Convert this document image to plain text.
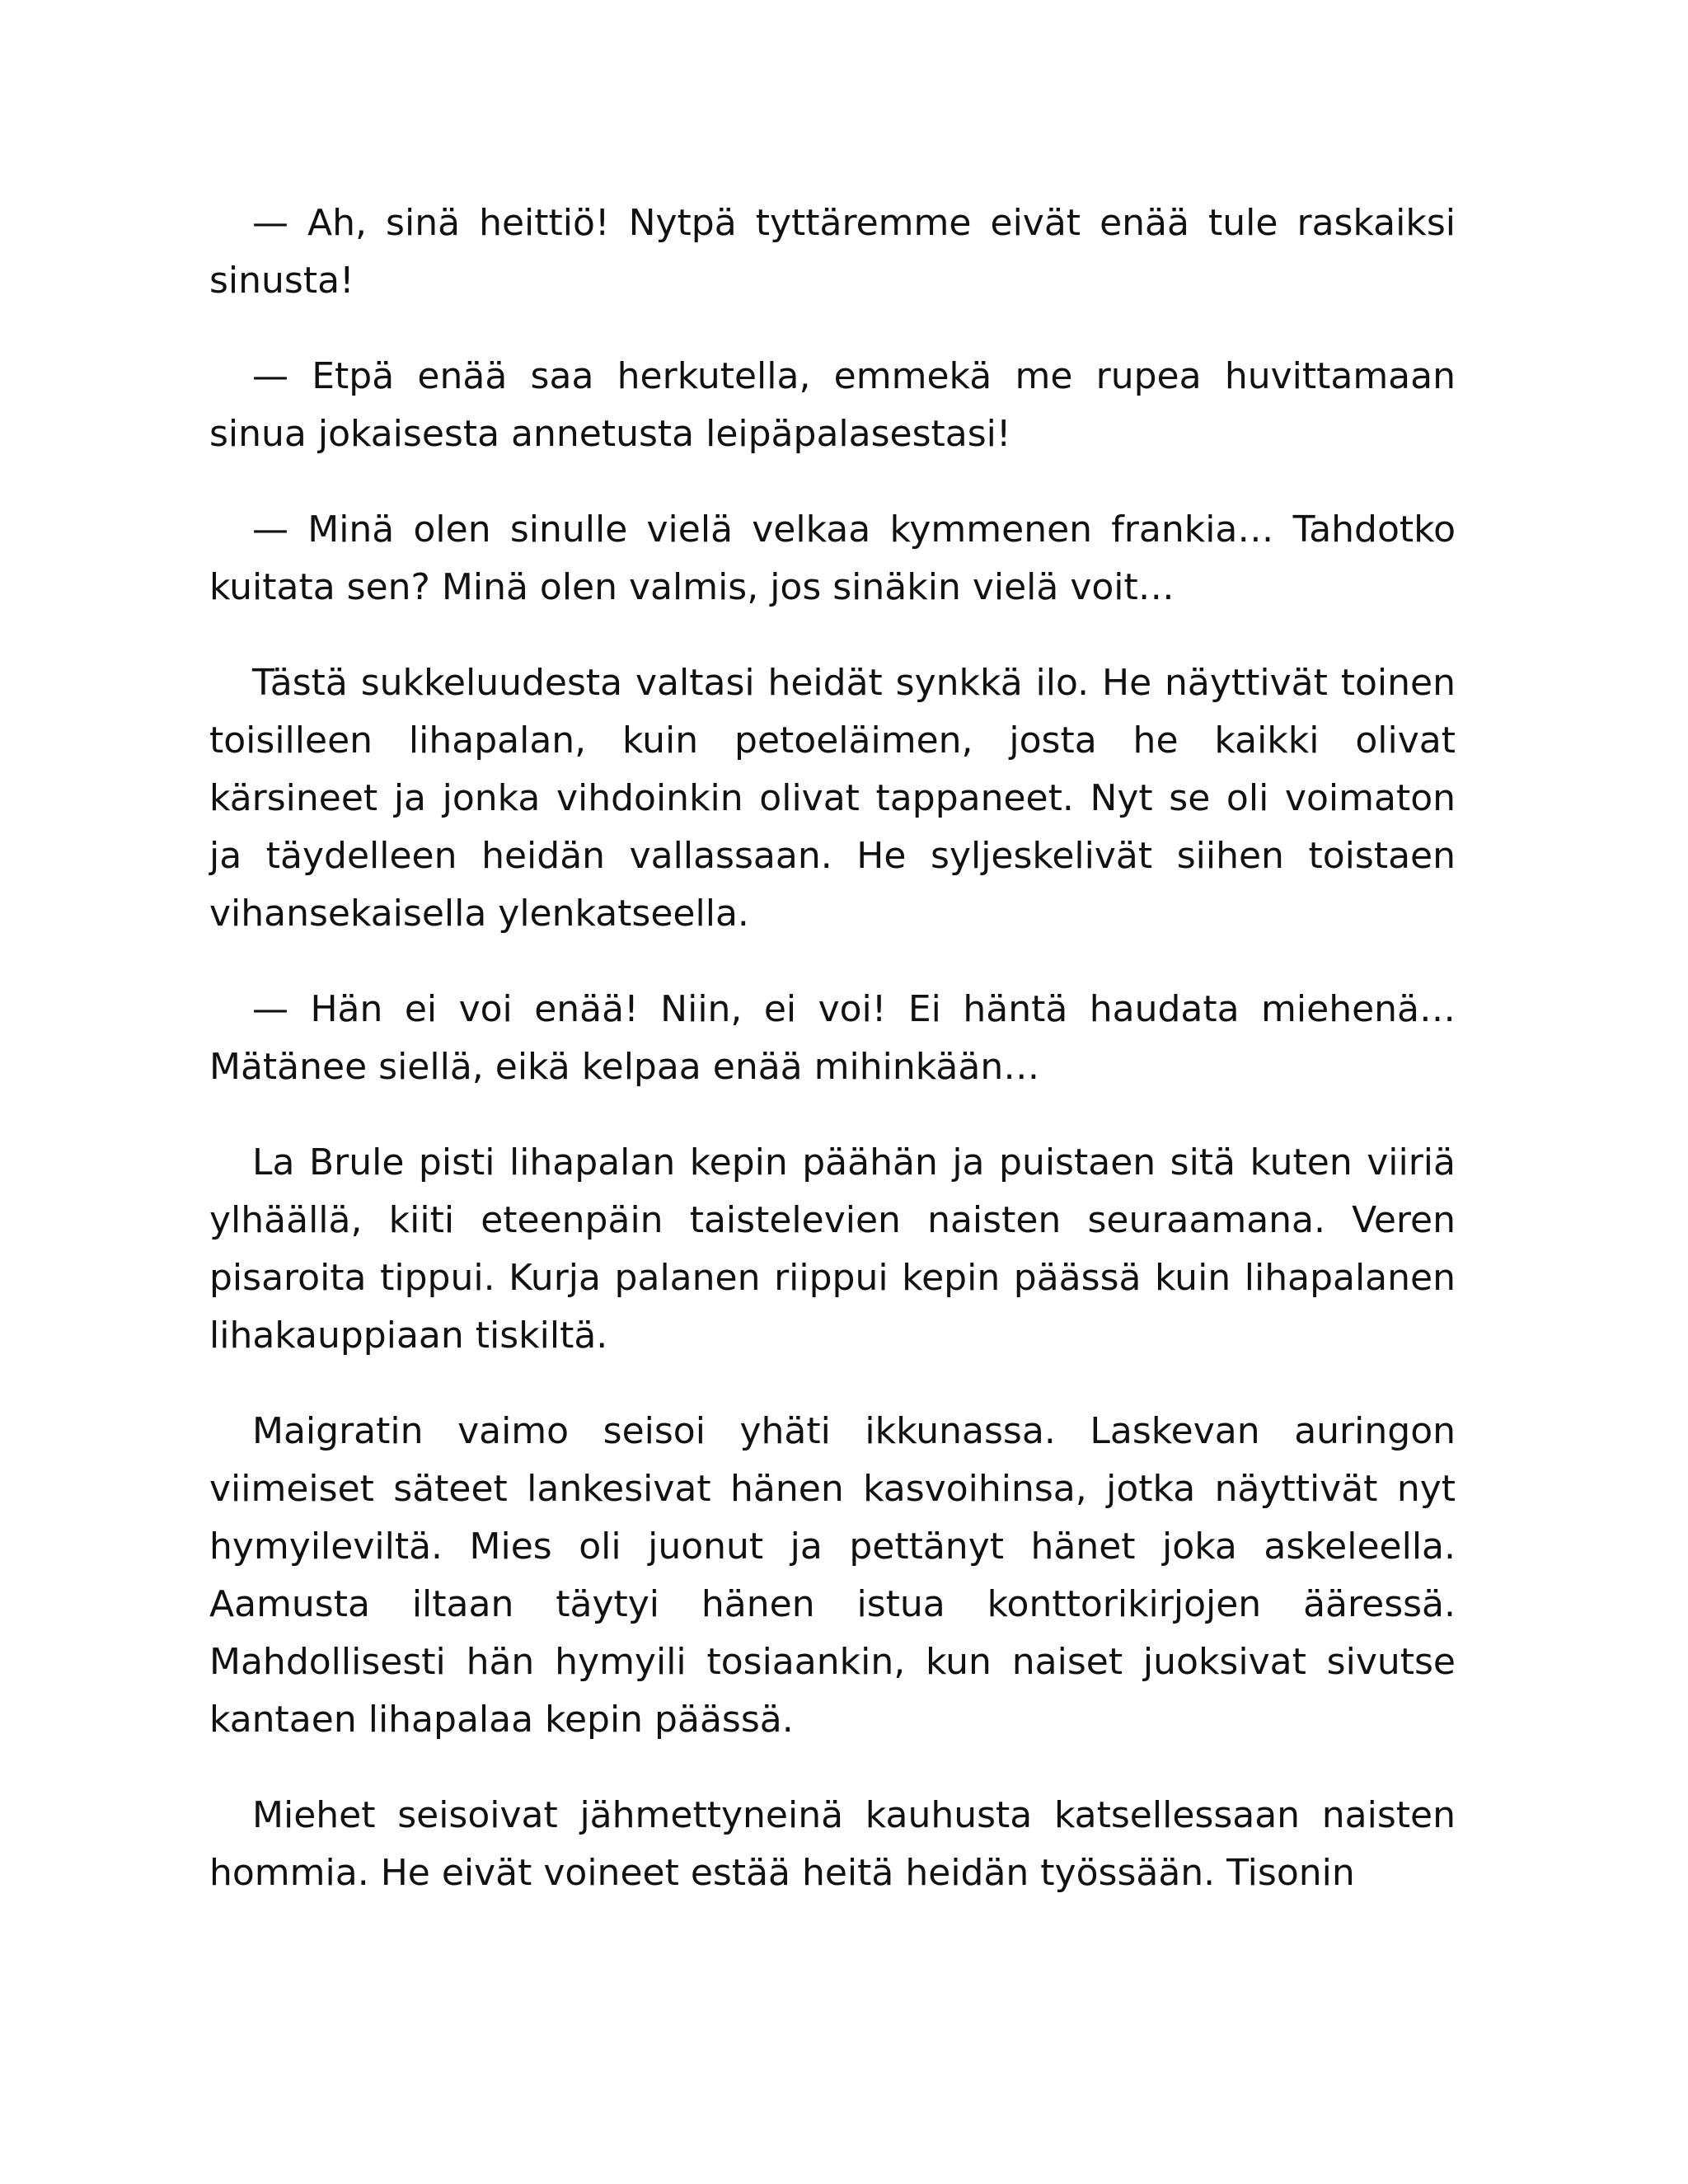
— Ah, sinä heittiö! Nytpä tyttäremme eivät enää tule raskaiksi sinusta!

— Etpä enää saa herkutella, emmekä me rupea huvittamaan sinua jokaisesta annetusta leipäpalasestasi!

— Minä olen sinulle vielä velkaa kymmenen frankia… Tahdotko kuitata sen? Minä olen valmis, jos sinäkin vielä voit…

Tästä sukkeluudesta valtasi heidät synkkä ilo. He näyttivät toinen toisilleen lihapalan, kuin petoeläimen, josta he kaikki olivat kärsineet ja jonka vihdoinkin olivat tappaneet. Nyt se oli voimaton ja täydelleen heidän vallassaan. He syljeskelivät siihen toistaen vihansekaisella ylenkatseella.

— Hän ei voi enää! Niin, ei voi! Ei häntä haudata miehenä… Mätänee siellä, eikä kelpaa enää mihinkään…

La Brule pisti lihapalan kepin päähän ja puistaen sitä kuten viiriä ylhäällä, kiiti eteenpäin taistelevien naisten seuraamana. Veren pisaroita tippui. Kurja palanen riippui kepin päässä kuin lihapalanen lihakauppiaan tiskiltä.

Maigratin vaimo seisoi yhäti ikkunassa. Laskevan auringon viimeiset säteet lankesivat hänen kasvoihinsa, jotka näyttivät nyt hymyileviltä. Mies oli juonut ja pettänyt hänet joka askeleella. Aamusta iltaan täytyi hänen istua konttorikirjojen ääressä. Mahdollisesti hän hymyili tosiaankin, kun naiset juoksivat sivutse kantaen lihapalaa kepin päässä.

Miehet seisoivat jähmettyneinä kauhusta katsellessaan naisten hommia. He eivät voineet estää heitä heidän työssään. Tisonin
